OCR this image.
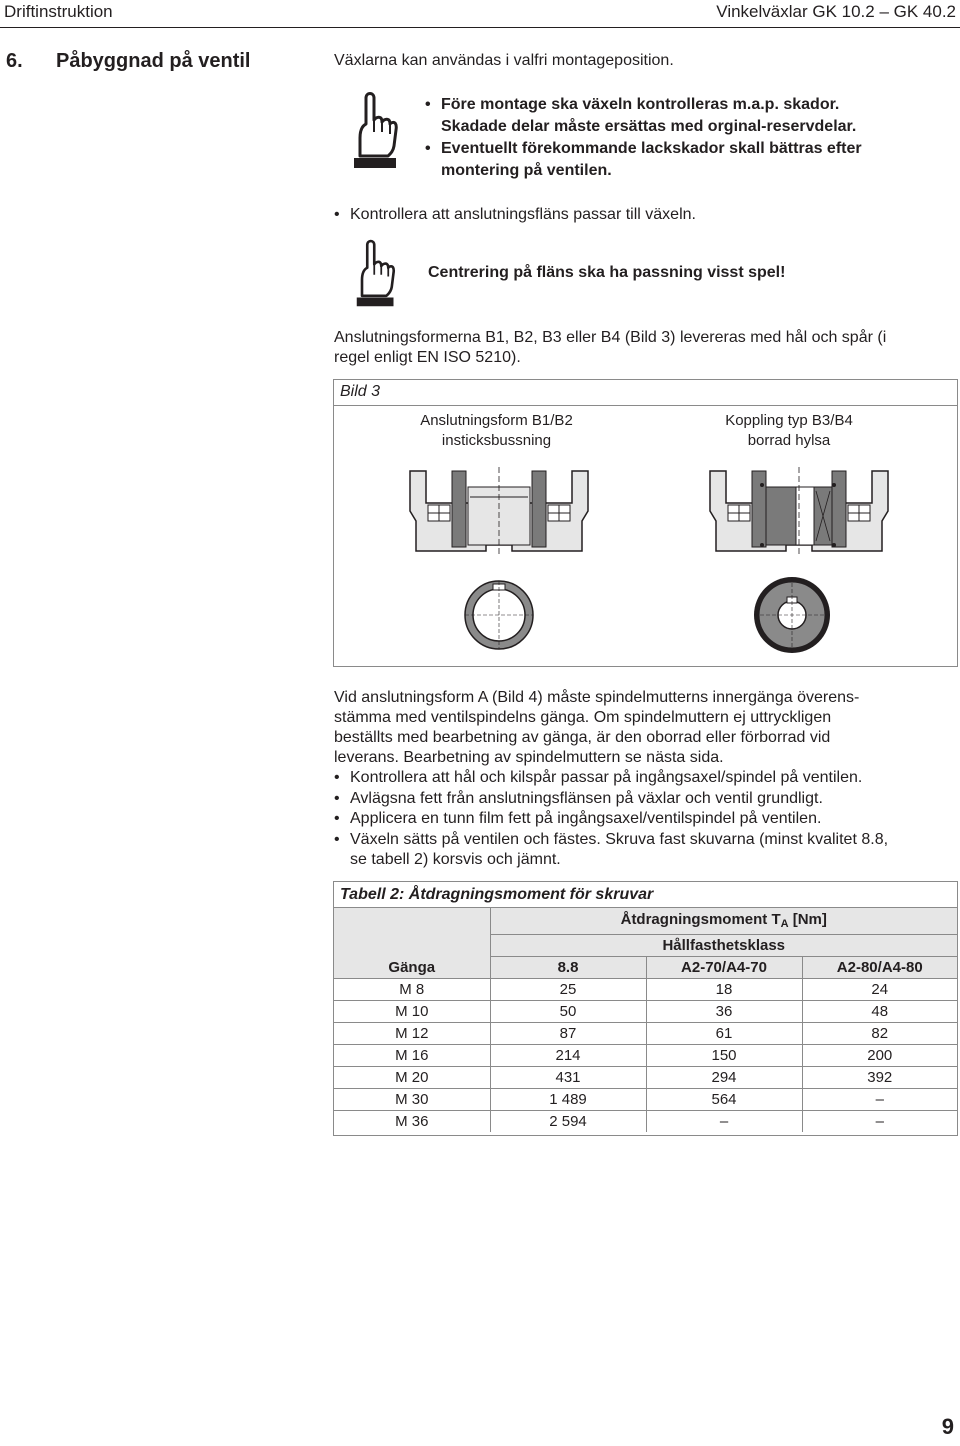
Driftinstruktion	Vinkelväxlar GK 10.2 – GK 40.2
6. Påbyggnad på ventil	Växlarna kan användas i valfri montageposition.
• Före montage ska växeln kontrolleras m.a.p. skador.
Skadade delar måste ersättas med orginal-reservdelar.
• Eventuellt förekommande lackskador skall bättras efter
montering på ventilen.
• Kontrollera att anslutningsfläns passar till växeln.
Centrering på fläns ska ha passning visst spel!
Anslutningsformerna B1, B2, B3 eller B4 (Bild 3) levereras med hål och spår (i
regel enligt EN ISO 5210).
Bild 3
Anslutningsform B1/B2
insticksbussning
Koppling typ B3/B4
borrad hylsa
Vid anslutningsform A (Bild 4) måste spindelmutterns innergänga överens-
stämma med ventilspindelns gänga. Om spindelmuttern ej uttryckligen
beställts med bearbetning av gänga, är den oborrad eller förborrad vid
leverans. Bearbetning av spindelmuttern se nästa sida.
• Kontrollera att hål och kilspår passar på ingångsaxel/spindel på ventilen.
• Avlägsna fett från anslutningsflänsen på växlar och ventil grundligt.
• Applicera en tunn film fett på ingångsaxel/ventilspindel på ventilen.
• Växeln sätts på ventilen och fästes. Skruva fast skuvarna (minst kvalitet 8.8,
se tabell 2) korsvis och jämnt.
Tabell 2: Åtdragningsmoment för skruvar
Gänga	Åtdragningsmoment $T_A$ [Nm]		
	Hållfasthetsklass		
	8.8	A2-70/A4-70	A2-80/A4-80
M 8	25	18	24
M 10	50	36	48
M 12	87	61	82
M 16	214	150	200
M 20	431	294	392
M 30	1 489	564	–
M 36	2 594	–	–
9
